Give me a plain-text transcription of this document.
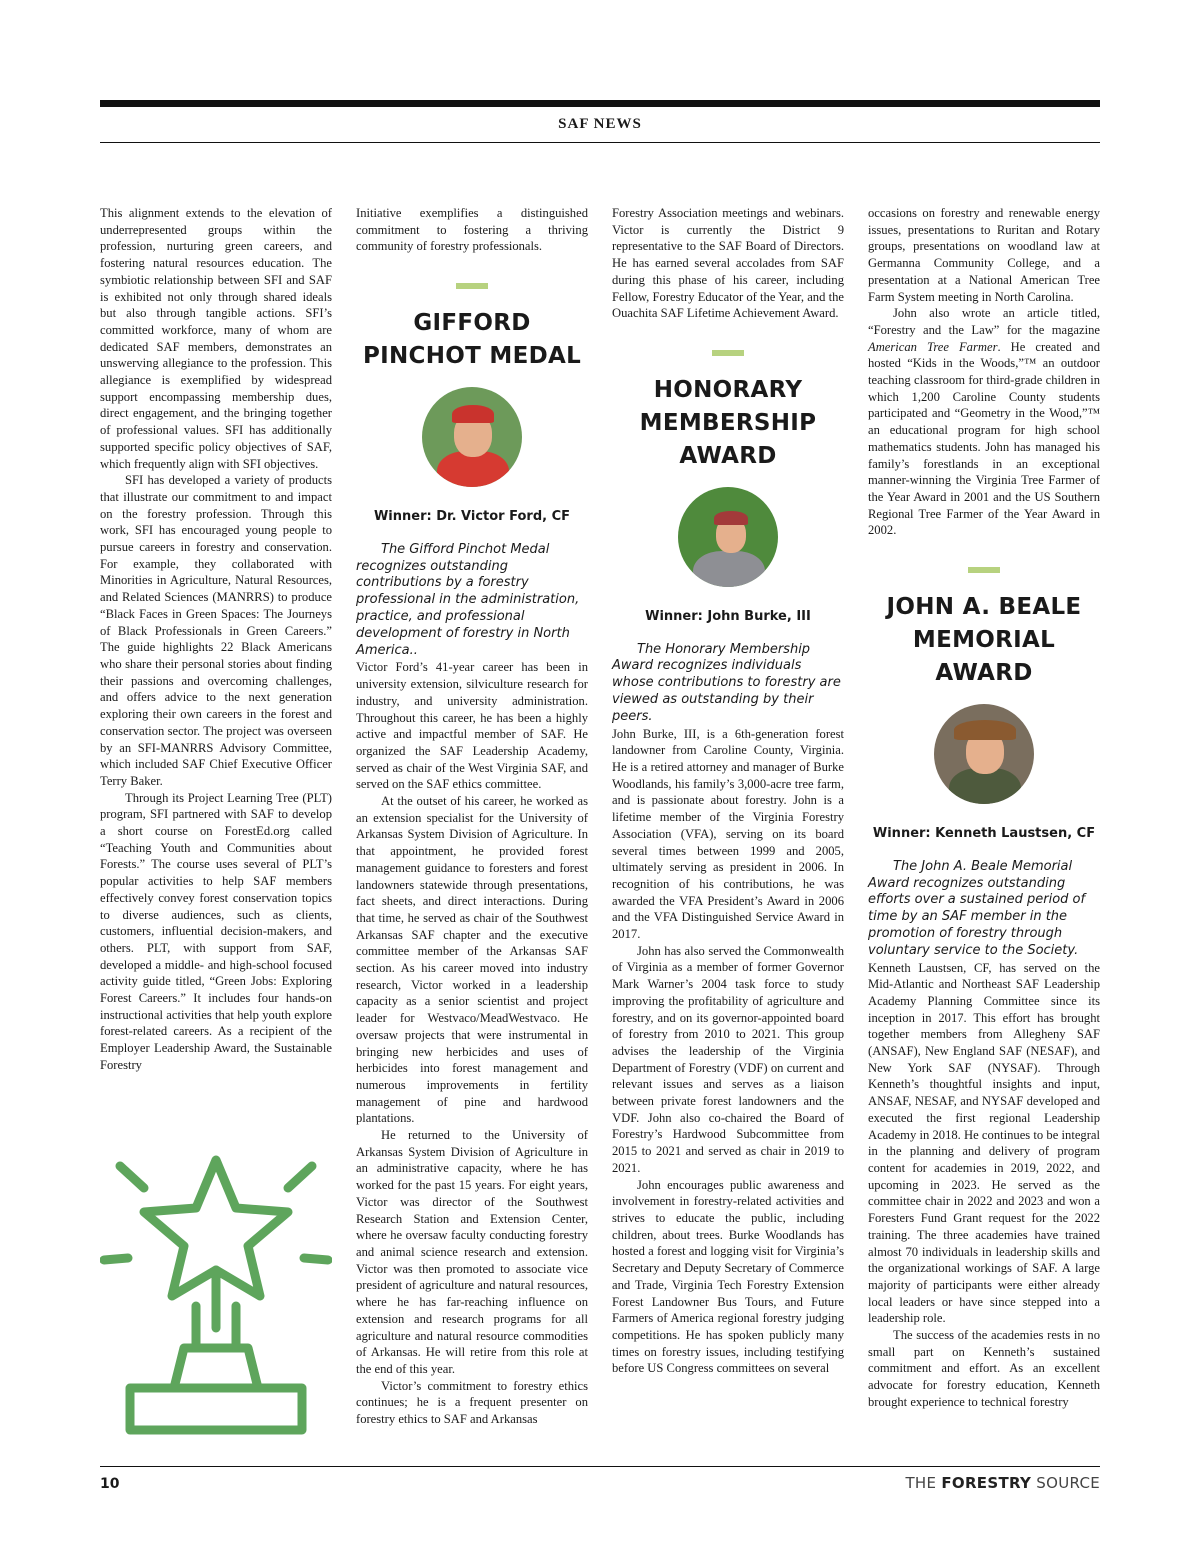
SAF NEWS

This alignment extends to the elevation of underrepresented groups within the profession, nurturing green careers, and fostering natural resources education. The symbiotic relationship between SFI and SAF is exhibited not only through shared ideals but also through tangible actions. SFI’s committed workforce, many of whom are dedicated SAF members, demonstrates an unswerving allegiance to the profession. This allegiance is exemplified by widespread support encompassing membership dues, direct engagement, and the bringing together of professional values. SFI has additionally supported specific policy objectives of SAF, which frequently align with SFI objectives.

SFI has developed a variety of products that illustrate our commitment to and impact on the forestry profession. Through this work, SFI has encouraged young people to pursue careers in forestry and conservation. For example, they collaborated with Minorities in Agriculture, Natural Resources, and Related Sciences (MANRRS) to produce “Black Faces in Green Spaces: The Journeys of Black Professionals in Green Careers.” The guide highlights 22 Black Americans who share their personal stories about finding their passions and overcoming challenges, and offers advice to the next generation exploring their own careers in the forest and conservation sector. The project was overseen by an SFI-MANRRS Advisory Committee, which included SAF Chief Executive Officer Terry Baker.

Through its Project Learning Tree (PLT) program, SFI partnered with SAF to develop a short course on ForestEd.org called “Teaching Youth and Communities about Forests.” The course uses several of PLT’s popular activities to help SAF members effectively convey forest conservation topics to diverse audiences, such as clients, customers, influential decision-makers, and others. PLT, with support from SAF, developed a middle- and high-school focused activity guide titled, “Green Jobs: Exploring Forest Careers.” It includes four hands-on instructional activities that help youth explore forest-related careers. As a recipient of the Employer Leadership Award, the Sustainable Forestry

Initiative exemplifies a distinguished commitment to fostering a thriving community of forestry professionals.

GIFFORD PINCHOT MEDAL
Winner: Dr. Victor Ford, CF

The Gifford Pinchot Medal recognizes outstanding contributions by a forestry professional in the administration, practice, and professional development of forestry in North America..

Victor Ford’s 41-year career has been in university extension, silviculture research for industry, and university administration. Throughout this career, he has been a highly active and impactful member of SAF. He organized the SAF Leadership Academy, served as chair of the West Virginia SAF, and served on the SAF ethics committee.

At the outset of his career, he worked as an extension specialist for the University of Arkansas System Division of Agriculture. In that appointment, he provided forest management guidance to foresters and forest landowners statewide through presentations, fact sheets, and direct interactions. During that time, he served as chair of the Southwest Arkansas SAF chapter and the executive committee member of the Arkansas SAF section. As his career moved into industry research, Victor worked in a leadership capacity as a senior scientist and project leader for Westvaco/MeadWestvaco. He oversaw projects that were instrumental in bringing new herbicides and uses of herbicides into forest management and numerous improvements in fertility management of pine and hardwood plantations.

He returned to the University of Arkansas System Division of Agriculture in an administrative capacity, where he has worked for the past 15 years. For eight years, Victor was director of the Southwest Research Station and Extension Center, where he oversaw faculty conducting forestry and animal science research and extension. Victor was then promoted to associate vice president of agriculture and natural resources, where he has far-reaching influence on extension and research programs for all agriculture and natural resource commodities of Arkansas. He will retire from this role at the end of this year.

Victor’s commitment to forestry ethics continues; he is a frequent presenter on forestry ethics to SAF and Arkansas

Forestry Association meetings and webinars. Victor is currently the District 9 representative to the SAF Board of Directors. He has earned several accolades from SAF during this phase of his career, including Fellow, Forestry Educator of the Year, and the Ouachita SAF Lifetime Achievement Award.

HONORARY MEMBERSHIP AWARD
Winner: John Burke, III

The Honorary Membership Award recognizes individuals whose contributions to forestry are viewed as outstanding by their peers.

John Burke, III, is a 6th-generation forest landowner from Caroline County, Virginia. He is a retired attorney and manager of Burke Woodlands, his family’s 3,000-acre tree farm, and is passionate about forestry. John is a lifetime member of the Virginia Forestry Association (VFA), serving on its board several times between 1999 and 2005, ultimately serving as president in 2006. In recognition of his contributions, he was awarded the VFA President’s Award in 2006 and the VFA Distinguished Service Award in 2017.

John has also served the Commonwealth of Virginia as a member of former Governor Mark Warner’s 2004 task force to study improving the profitability of agriculture and forestry, and on its governor-appointed board of forestry from 2010 to 2021. This group advises the leadership of the Virginia Department of Forestry (VDF) on current and relevant issues and serves as a liaison between private forest landowners and the VDF. John also co-chaired the Board of Forestry’s Hardwood Subcommittee from 2015 to 2021 and served as chair in 2019 to 2021.

John encourages public awareness and involvement in forestry-related activities and strives to educate the public, including children, about trees. Burke Woodlands has hosted a forest and logging visit for Virginia’s Secretary and Deputy Secretary of Commerce and Trade, Virginia Tech Forestry Extension Forest Landowner Bus Tours, and Future Farmers of America regional forestry judging competitions. He has spoken publicly many times on forestry issues, including testifying before US Congress committees on several

occasions on forestry and renewable energy issues, presentations to Ruritan and Rotary groups, presentations on woodland law at Germanna Community College, and a presentation at a National American Tree Farm System meeting in North Carolina.

John also wrote an article titled, “Forestry and the Law” for the magazine American Tree Farmer. He created and hosted “Kids in the Woods,”™ an outdoor teaching classroom for third-grade children in which 1,200 Caroline County students participated and “Geometry in the Wood,”™ an educational program for high school mathematics students. John has managed his family’s forestlands in an exceptional manner-winning the Virginia Tree Farmer of the Year Award in 2001 and the US Southern Regional Tree Farmer of the Year Award in 2002.

JOHN A. BEALE MEMORIAL AWARD
Winner: Kenneth Laustsen, CF

The John A. Beale Memorial Award recognizes outstanding efforts over a sustained period of time by an SAF member in the promotion of forestry through voluntary service to the Society.

Kenneth Laustsen, CF, has served on the Mid-Atlantic and Northeast SAF Leadership Academy Planning Committee since its inception in 2017. This effort has brought together members from Allegheny SAF (ANSAF), New England SAF (NESAF), and New York SAF (NYSAF). Through Kenneth’s thoughtful insights and input, ANSAF, NESAF, and NYSAF developed and executed the first regional Leadership Academy in 2018. He continues to be integral in the planning and delivery of program content for academies in 2019, 2022, and upcoming in 2023. He served as the committee chair in 2022 and 2023 and won a Foresters Fund Grant request for the 2022 training. The three academies have trained almost 70 individuals in leadership skills and the organizational workings of SAF. A large majority of participants were either already local leaders or have since stepped into a leadership role.

The success of the academies rests in no small part on Kenneth’s sustained commitment and effort. As an excellent advocate for forestry education, Kenneth brought experience to technical forestry

10	THE FORESTRY SOURCE
